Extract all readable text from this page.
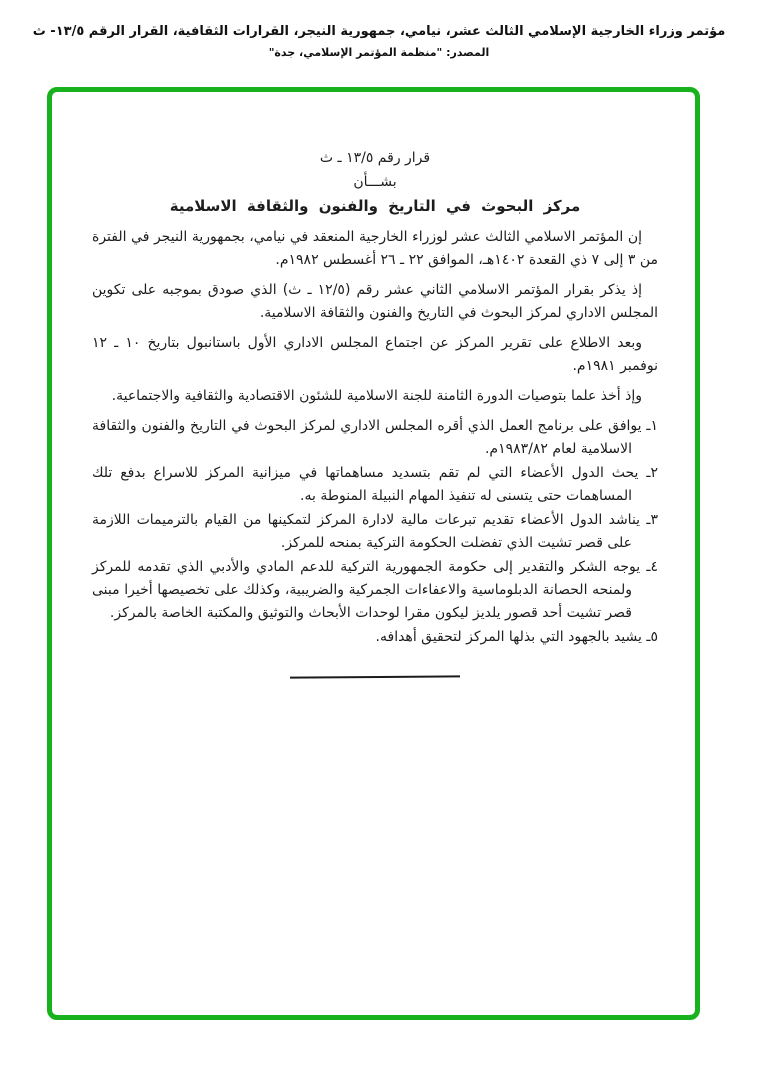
مؤتمر وزراء الخارجية الإسلامي الثالث عشر، نيامي، جمهورية النيجر، القرارات الثقافية، القرار الرقم ١٣/٥- ث
المصدر: "منظمة المؤتمر الإسلامي، جدة"
قرار رقم ١٣/٥ ـ ث
بشـــأن
مركز البحوث في التاريخ والفنون والثقافة الاسلامية

إن المؤتمر الاسلامي الثالث عشر لوزراء الخارجية المنعقد في نيامي، بجمهورية النيجر في الفترة من ٣ إلى ٧ ذي القعدة ١٤٠٢هـ، الموافق ٢٢ ـ ٢٦ أغسطس ١٩٨٢م.

إذ يذكر بقرار المؤتمر الاسلامي الثاني عشر رقم (١٢/٥ ـ ث) الذي صودق بموجبه على تكوين المجلس الاداري لمركز البحوث في التاريخ والفنون والثقافة الاسلامية.

وبعد الاطلاع على تقرير المركز عن اجتماع المجلس الاداري الأول باستانبول بتاريخ ١٠ ـ ١٢ نوفمبر ١٩٨١م.

وإذ أخذ علما بتوصيات الدورة الثامنة للجنة الاسلامية للشئون الاقتصادية والثقافية والاجتماعية.

١ـ يوافق على برنامج العمل الذي أقره المجلس الاداري لمركز البحوث في التاريخ والفنون والثقافة الاسلامية لعام ١٩٨٣/٨٢م.
٢ـ يحث الدول الأعضاء التي لم تقم بتسديد مساهماتها في ميزانية المركز للاسراع بدفع تلك المساهمات حتى يتسنى له تنفيذ المهام النبيلة المنوطة به.
٣ـ يناشد الدول الأعضاء تقديم تبرعات مالية لادارة المركز لتمكينها من القيام بالترميمات اللازمة على قصر تشيت الذي تفضلت الحكومة التركية بمنحه للمركز.
٤ـ يوجه الشكر والتقدير إلى حكومة الجمهورية التركية للدعم المادي والأدبي الذي تقدمه للمركز ولمنحه الحصانة الدبلوماسية والاعفاءات الجمركية والضريبية، وكذلك على تخصيصها أخيرا مبنى قصر تشيت أحد قصور يلديز ليكون مقرا لوحدات الأبحاث والتوثيق والمكتبة الخاصة بالمركز.
٥ـ يشيد بالجهود التي بذلها المركز لتحقيق أهدافه.
